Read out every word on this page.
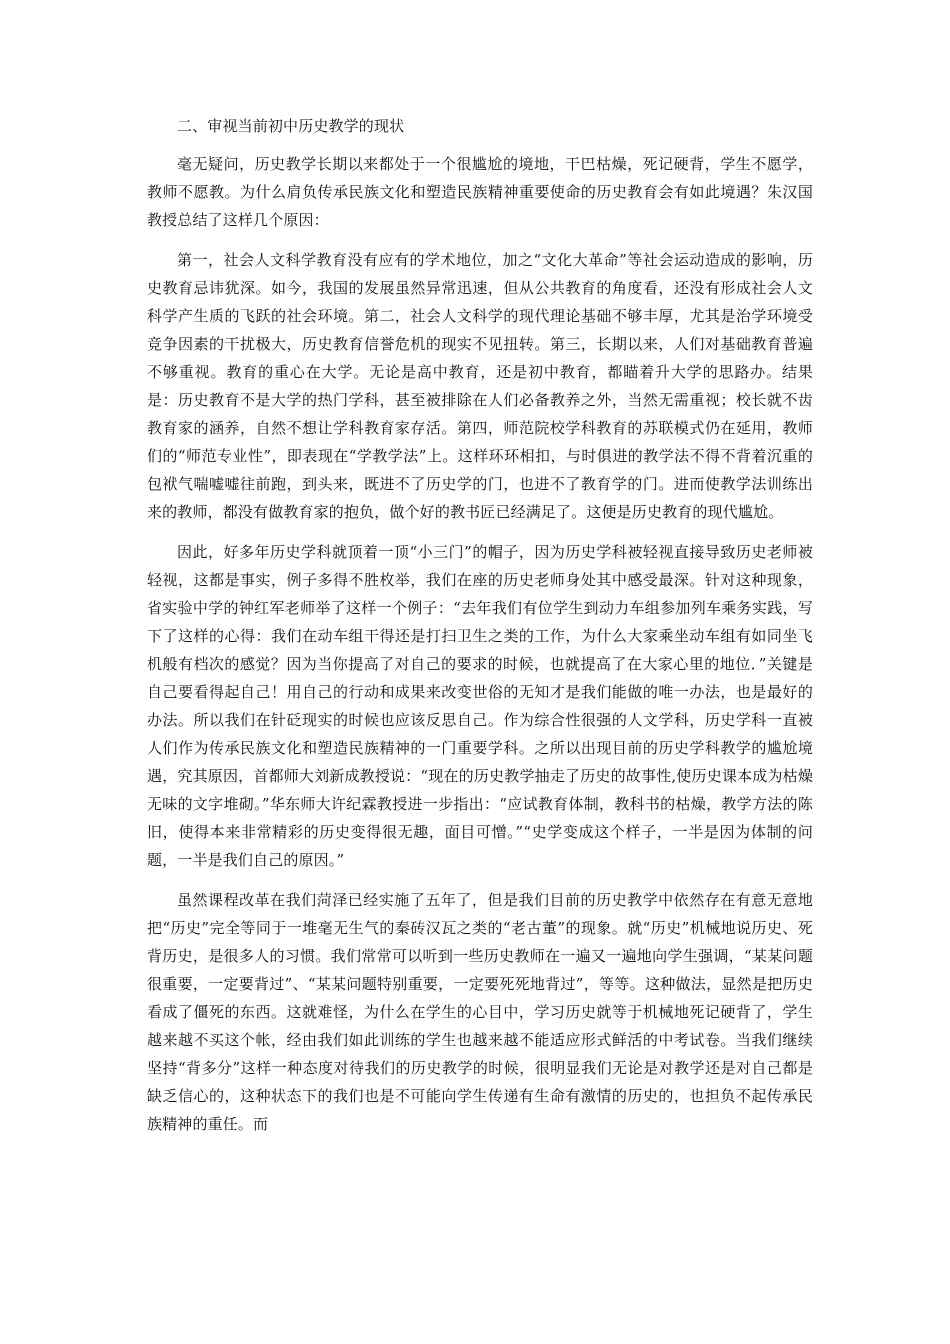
二、审视当前初中历史教学的现状

毫无疑问，历史教学长期以来都处于一个很尴尬的境地，干巴枯燥，死记硬背，学生不愿学，教师不愿教。为什么肩负传承民族文化和塑造民族精神重要使命的历史教育会有如此境遇？朱汉国教授总结了这样几个原因：

第一，社会人文科学教育没有应有的学术地位，加之“文化大革命”等社会运动造成的影响，历史教育忌讳犹深。如今，我国的发展虽然异常迅速，但从公共教育的角度看，还没有形成社会人文科学产生质的飞跃的社会环境。第二，社会人文科学的现代理论基础不够丰厚，尤其是治学环境受竞争因素的干扰极大，历史教育信誉危机的现实不见扭转。第三，长期以来，人们对基础教育普遍不够重视。教育的重心在大学。无论是高中教育，还是初中教育，都瞄着升大学的思路办。结果是：历史教育不是大学的热门学科，甚至被排除在人们必备教养之外，当然无需重视；校长就不齿教育家的涵养，自然不想让学科教育家存活。第四，师范院校学科教育的苏联模式仍在延用，教师们的“师范专业性”，即表现在“学教学法”上。这样环环相扣，与时俱进的教学法不得不背着沉重的包袱气喘嘘嘘往前跑，到头来，既进不了历史学的门，也进不了教育学的门。进而使教学法训练出来的教师，都没有做教育家的抱负，做个好的教书匠已经满足了。这便是历史教育的现代尴尬。

因此，好多年历史学科就顶着一顶“小三门”的帽子，因为历史学科被轻视直接导致历史老师被轻视，这都是事实，例子多得不胜枚举，我们在座的历史老师身处其中感受最深。针对这种现象，省实验中学的钟红军老师举了这样一个例子：“去年我们有位学生到动力车组参加列车乘务实践，写下了这样的心得：我们在动车组干得还是打扫卫生之类的工作，为什么大家乘坐动车组有如同坐飞机般有档次的感觉？因为当你提高了对自己的要求的时候，也就提高了在大家心里的地位．”关键是自己要看得起自己！用自己的行动和成果来改变世俗的无知才是我们能做的唯一办法，也是最好的办法。所以我们在针砭现实的时候也应该反思自己。作为综合性很强的人文学科，历史学科一直被人们作为传承民族文化和塑造民族精神的一门重要学科。之所以出现目前的历史学科教学的尴尬境遇，究其原因，首都师大刘新成教授说：“现在的历史教学抽走了历史的故事性,使历史课本成为枯燥无味的文字堆砌。”华东师大许纪霖教授进一步指出：“应试教育体制，教科书的枯燥，教学方法的陈旧，使得本来非常精彩的历史变得很无趣，面目可憎。”“史学变成这个样子，一半是因为体制的问题，一半是我们自己的原因。”

虽然课程改革在我们菏泽已经实施了五年了，但是我们目前的历史教学中依然存在有意无意地把“历史”完全等同于一堆毫无生气的秦砖汉瓦之类的“老古董”的现象。就“历史”机械地说历史、死背历史，是很多人的习惯。我们常常可以听到一些历史教师在一遍又一遍地向学生强调，“某某问题很重要，一定要背过”、“某某问题特别重要，一定要死死地背过”，等等。这种做法，显然是把历史看成了僵死的东西。这就难怪，为什么在学生的心目中，学习历史就等于机械地死记硬背了，学生越来越不买这个帐，经由我们如此训练的学生也越来越不能适应形式鲜活的中考试卷。当我们继续坚持“背多分”这样一种态度对待我们的历史教学的时候，很明显我们无论是对教学还是对自己都是缺乏信心的，这种状态下的我们也是不可能向学生传递有生命有激情的历史的，也担负不起传承民族精神的重任。而
